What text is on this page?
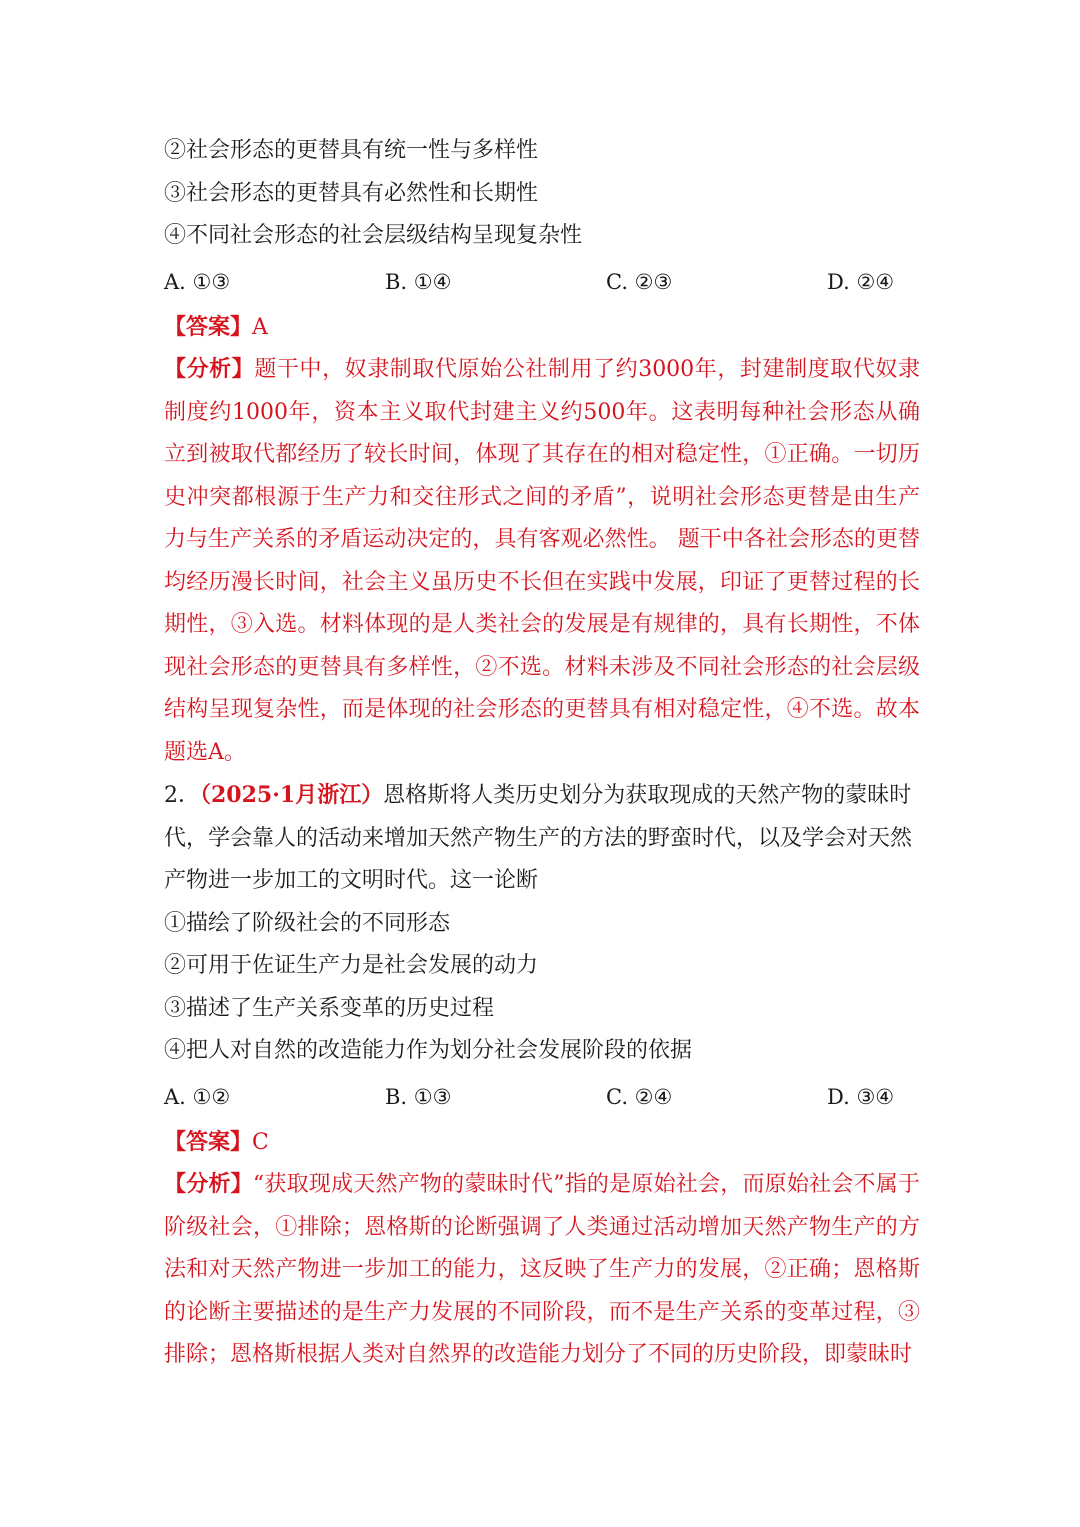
②社会形态的更替具有统一性与多样性
③社会形态的更替具有必然性和长期性
④不同社会形态的社会层级结构呈现复杂性
A. ①③	B. ①④	C. ②③	D. ②④
【答案】A

【分析】题干中，奴隶制取代原始公社制用了约3000年，封建制度取代奴隶制度约1000年，资本主义取代封建主义约500年。这表明每种社会形态从确立到被取代都经历了较长时间，体现了其存在的相对稳定性，①正确。一切历史冲突都根源于生产力和交往形式之间的矛盾”，说明社会形态更替是由生产力与生产关系的矛盾运动决定的，具有客观必然性。 题干中各社会形态的更替均经历漫长时间，社会主义虽历史不长但在实践中发展，印证了更替过程的长期性，③入选。材料体现的是人类社会的发展是有规律的，具有长期性，不体现社会形态的更替具有多样性，②不选。材料未涉及不同社会形态的社会层级结构呈现复杂性，而是体现的社会形态的更替具有相对稳定性，④不选。故本题选A。

2．（2025·1月浙江）恩格斯将人类历史划分为获取现成的天然产物的蒙昧时代，学会靠人的活动来增加天然产物生产的方法的野蛮时代，以及学会对天然产物进一步加工的文明时代。这一论断

①描绘了阶级社会的不同形态
②可用于佐证生产力是社会发展的动力
③描述了生产关系变革的历史过程
④把人对自然的改造能力作为划分社会发展阶段的依据
A. ①②	B. ①③	C. ②④	D. ③④
【答案】C

【分析】“获取现成天然产物的蒙昧时代”指的是原始社会，而原始社会不属于阶级社会，①排除；恩格斯的论断强调了人类通过活动增加天然产物生产的方法和对天然产物进一步加工的能力，这反映了生产力的发展，②正确；恩格斯的论断主要描述的是生产力发展的不同阶段，而不是生产关系的变革过程，③排除；恩格斯根据人类对自然界的改造能力划分了不同的历史阶段，即蒙昧时
